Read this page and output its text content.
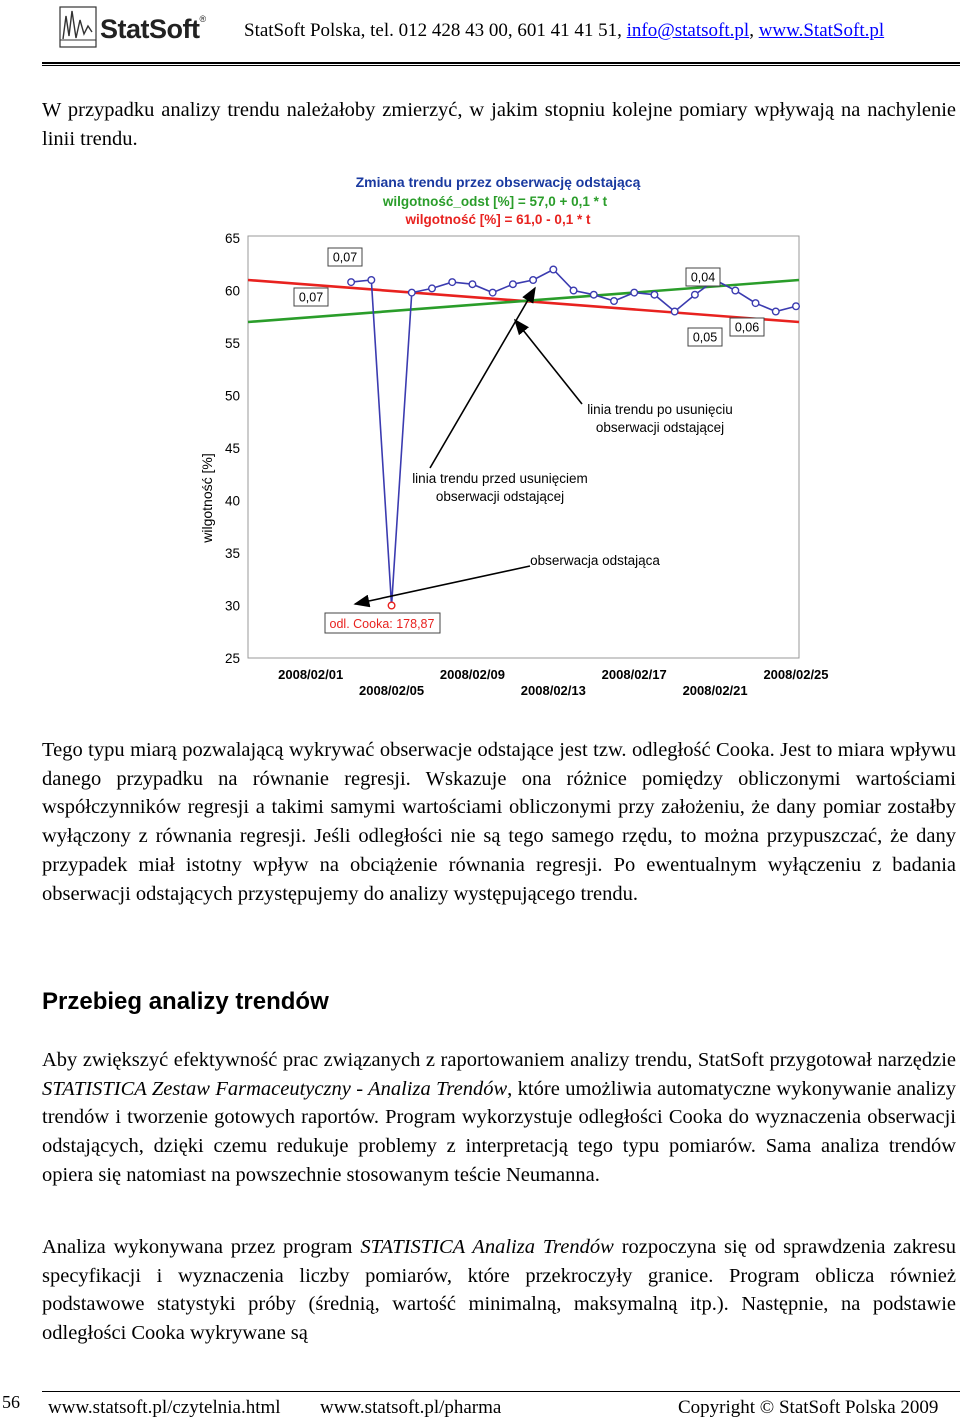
StatSoft®
StatSoft Polska, tel. 012 428 43 00, 601 41 41 51, info@statsoft.pl, www.StatSoft.pl

W przypadku analizy trendu należałoby zmierzyć, w jakim stopniu kolejne pomiary wpływają na nachylenie linii trendu.

Zmiana trendu przez obserwację odstającą
wilgotność_odst [%] = 57,0 + 0,1 * t
wilgotność [%] = 61,0 - 0,1 * t
wilgotność [%]
65
60
55
50
45
40
35
30
25
2008/02/01	2008/02/09	2008/02/17	2008/02/25
2008/02/05	2008/02/13	2008/02/21
0,07
0,07
0,04
0,05
0,06
odl. Cooka: 178,87
linia trendu po usunięciu
obserwacji odstającej
linia trendu przed usunięciem
obserwacji odstającej
obserwacja odstająca

Tego typu miarą pozwalającą wykrywać obserwacje odstające jest tzw. odległość Cooka. Jest to miara wpływu danego przypadku na równanie regresji. Wskazuje ona różnice pomiędzy obliczonymi wartościami współczynników regresji a takimi samymi wartościami obliczonymi przy założeniu, że dany pomiar zostałby wyłączony z równania regresji. Jeśli odległości nie są tego samego rzędu, to można przypuszczać, że dany przypadek miał istotny wpływ na obciążenie równania regresji. Po ewentualnym wyłączeniu z badania obserwacji odstających przystępujemy do analizy występującego trendu.

Przebieg analizy trendów

Aby zwiększyć efektywność prac związanych z raportowaniem analizy trendu, StatSoft przygotował narzędzie STATISTICA Zestaw Farmaceutyczny - Analiza Trendów, które umożliwia automatyczne wykonywanie analizy trendów i tworzenie gotowych raportów. Program wykorzystuje odległości Cooka do wyznaczenia obserwacji odstających, dzięki czemu redukuje problemy z interpretacją tego typu pomiarów. Sama analiza trendów opiera się natomiast na powszechnie stosowanym teście Neumanna.

Analiza wykonywana przez program STATISTICA Analiza Trendów rozpoczyna się od sprawdzenia zakresu specyfikacji i wyznaczenia liczby pomiarów, które przekroczyły granice. Program oblicza również podstawowe statystyki próby (średnią, wartość minimalną, maksymalną itp.). Następnie, na podstawie odległości Cooka wykrywane są

56 www.statsoft.pl/czytelnia.html www.statsoft.pl/pharma	Copyright © StatSoft Polska 2009
